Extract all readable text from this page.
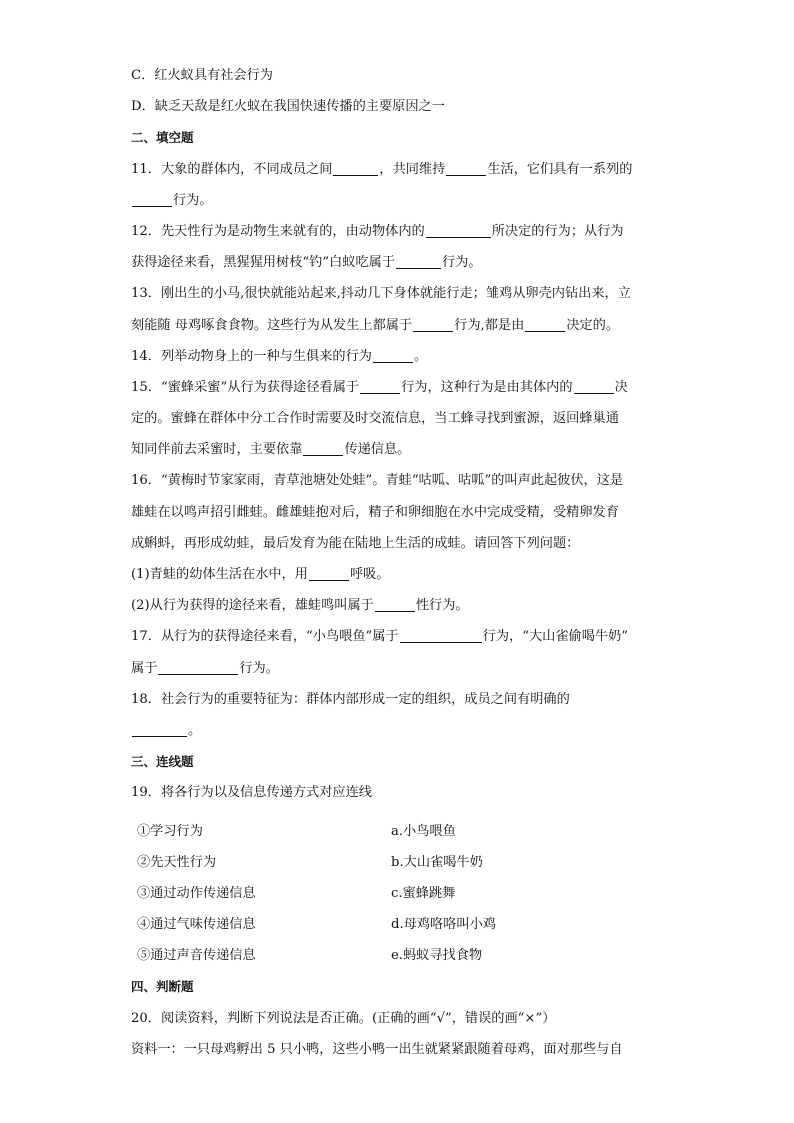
C．红火蚁具有社会行为
D．缺乏天敌是红火蚁在我国快速传播的主要原因之一
二、填空题
11．大象的群体内，不同成员之间	，共同维持	生活，它们具有一系列的
行为。
12．先天性行为是动物生来就有的，由动物体内的	所决定的行为；从行为
获得途径来看，黑猩猩用树枝“钓”白蚁吃属于	行为。
13．刚出生的小马,很快就能站起来,抖动几下身体就能行走；雏鸡从卵壳内钻出来，立
刻能随 母鸡啄食食物。这些行为从发生上都属于	行为,都是由	决定的。
14．列举动物身上的一种与生俱来的行为	。
15．“蜜蜂采蜜”从行为获得途径看属于	行为，这种行为是由其体内的	决
定的。蜜蜂在群体中分工合作时需要及时交流信息，当工蜂寻找到蜜源，返回蜂巢通
知同伴前去采蜜时，主要依靠	传递信息。
16．“黄梅时节家家雨，青草池塘处处蛙”。青蛙“咕呱、咕呱”的叫声此起彼伏，这是
雄蛙在以鸣声招引雌蛙。雌雄蛙抱对后，精子和卵细胞在水中完成受精，受精卵发育
成蝌蚪，再形成幼蛙，最后发育为能在陆地上生活的成蛙。请回答下列问题：
(1)青蛙的幼体生活在水中，用	呼吸。
(2)从行为获得的途径来看，雄蛙鸣叫属于	性行为。
17．从行为的获得途径来看，“小鸟喂鱼”属于	行为，“大山雀偷喝牛奶”
属于	行为。
18．社会行为的重要特征为：群体内部形成一定的组织，成员之间有明确的
。
三、连线题
19．将各行为以及信息传递方式对应连线
①学习行为	a.小鸟喂鱼
②先天性行为	b.大山雀喝牛奶
③通过动作传递信息	c.蜜蜂跳舞
④通过气味传递信息	d.母鸡咯咯叫小鸡
⑤通过声音传递信息	e.蚂蚁寻找食物
四、判断题
20．阅读资料，判断下列说法是否正确。(正确的画“√”，错误的画“×”）
资料一：一只母鸡孵出 5 只小鸭，这些小鸭一出生就紧紧跟随着母鸡，面对那些与自
